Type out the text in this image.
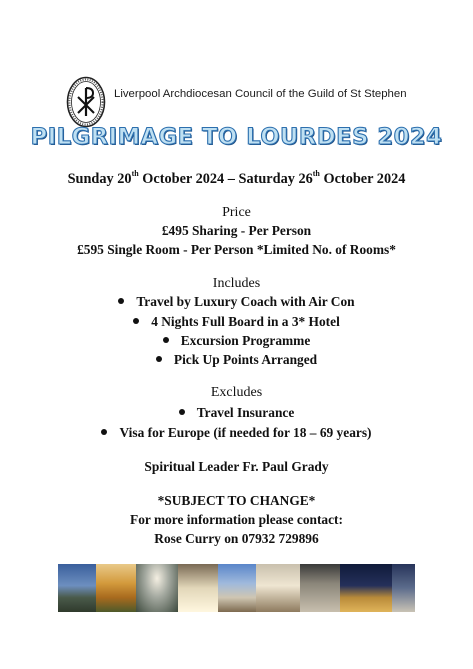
Liverpool Archdiocesan Council of the Guild of St Stephen
PILGRIMAGE TO LOURDES 2024
Sunday 20th October 2024 – Saturday 26th October 2024
Price
£495 Sharing - Per Person
£595 Single Room - Per Person *Limited No. of Rooms*
Includes
Travel by Luxury Coach with Air Con
4 Nights Full Board in a 3* Hotel
Excursion Programme
Pick Up Points Arranged
Excludes
Travel Insurance
Visa for Europe (if needed for 18 – 69 years)
Spiritual Leader Fr. Paul Grady
*SUBJECT TO CHANGE*
For more information please contact:
Rose Curry on 07932 729896
